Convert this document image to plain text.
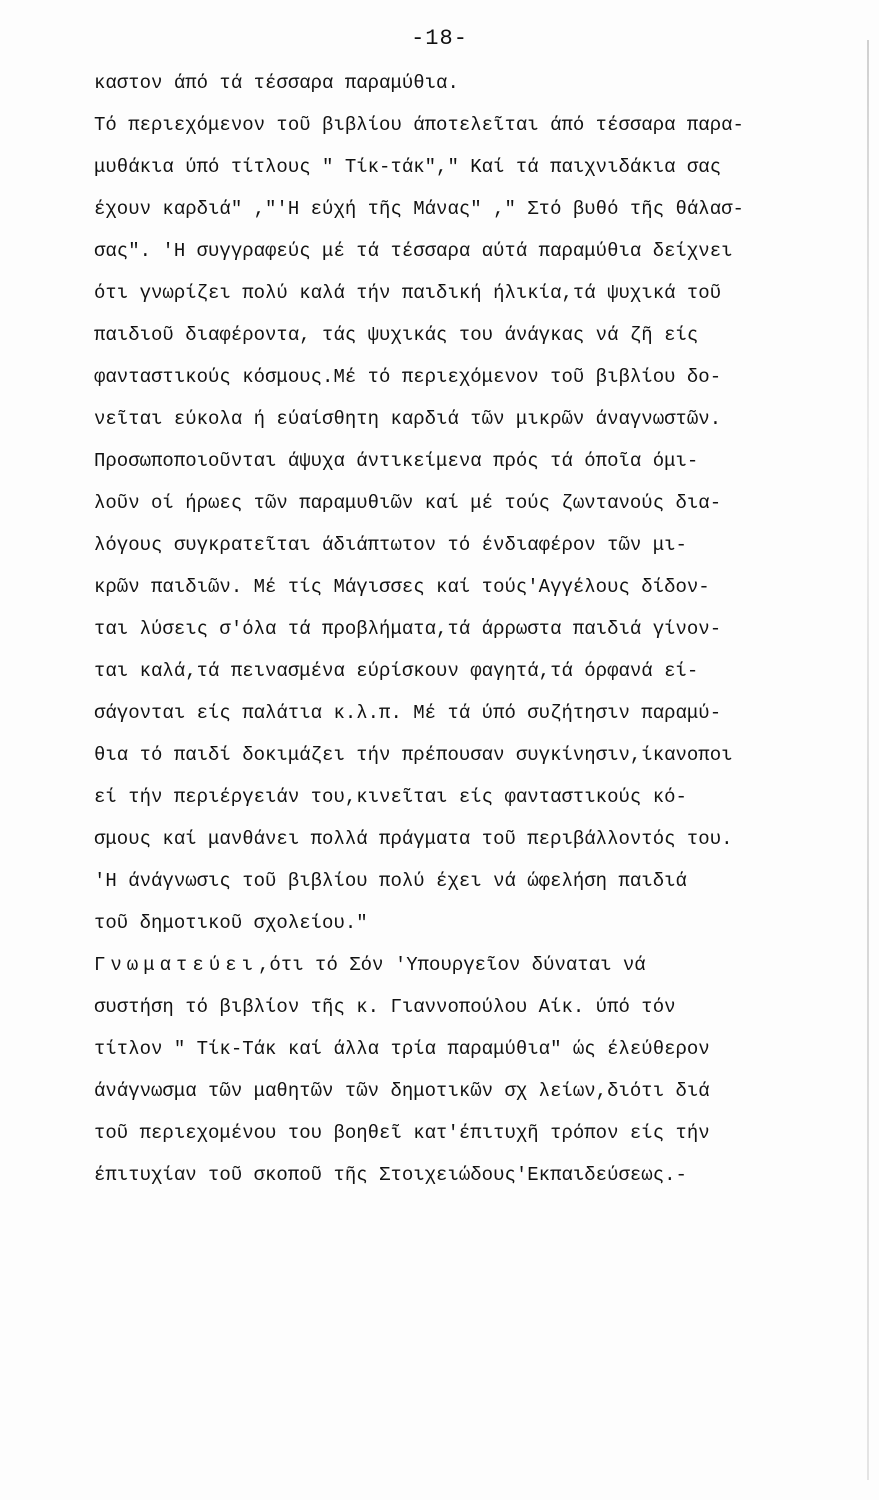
-18-
καστον άπό τά τέσσαρα παραμύθια.
Τό περιεχόμενον τοῦ βιβλίου άποτελεῖται άπό τέσσαρα παρα-
μυθάκια ύπό τίτλους " Τίκ-τάκ"," Καί τά παιχνιδάκια σας
έχουν καρδιά" ,"'Η εύχή τῆς Μάνας" ," Στό βυθό τῆς θάλασ-
σας". 'Η συγγραφεύς μέ τά τέσσαρα αύτά παραμύθια δείχνει
ότι γνωρίζει πολύ καλά τήν παιδική ήλικία,τά ψυχικά τοῦ
παιδιοῦ διαφέροντα, τάς ψυχικάς του άνάγκας νά ζῆ είς
φανταστικούς κόσμους.Μέ τό περιεχόμενον τοῦ βιβλίου δο-
νεῖται εύκολα ή εύαίσθητη καρδιά τῶν μικρῶν άναγνωστῶν.
Προσωποποιοῦνται άψυχα άντικείμενα πρός τά όποῖα όμι-
λοῦν οί ήρωες τῶν παραμυθιῶν καί μέ τούς ζωντανούς δια-
λόγους συγκρατεῖται άδιάπτωτον τό ένδιαφέρον τῶν μι-
κρῶν παιδιῶν. Μέ τίς Μάγισσες καί τούς'Αγγέλους δίδον-
ται λύσεις σ'όλα τά προβλήματα,τά άρρωστα παιδιά γίνον-
ται καλά,τά πεινασμένα εύρίσκουν φαγητά,τά όρφανά εί-
σάγονται είς παλάτια κ.λ.π. Μέ τά ύπό συζήτησιν παραμύ-
θια τό παιδί δοκιμάζει τήν πρέπουσαν συγκίνησιν,ίκανοποι
εί τήν περιέργειάν του,κινεῖται είς φανταστικούς κό-
σμους καί μανθάνει πολλά πράγματα τοῦ περιβάλλοντός του.
'Η άνάγνωσις τοῦ βιβλίου πολύ έχει νά ώφελήση παιδιά
τοῦ δημοτικοῦ σχολείου."
Γνωματεύει,ότι τό Σόν 'Υπουργεῖον δύναται νά
συστήση τό βιβλίον τῆς κ. Γιαννοπούλου Αίκ. ύπό τόν
τίτλον " Τίκ-Τάκ καί άλλα τρία παραμύθια" ώς έλεύθερον
άνάγνωσμα τῶν μαθητῶν τῶν δημοτικῶν σχ λείων,διότι διά
τοῦ περιεχομένου του βοηθεῖ κατ'έπιτυχῆ τρόπον είς τήν
έπιτυχίαν τοῦ σκοποῦ τῆς Στοιχειώδους'Εκπαιδεύσεως.-
